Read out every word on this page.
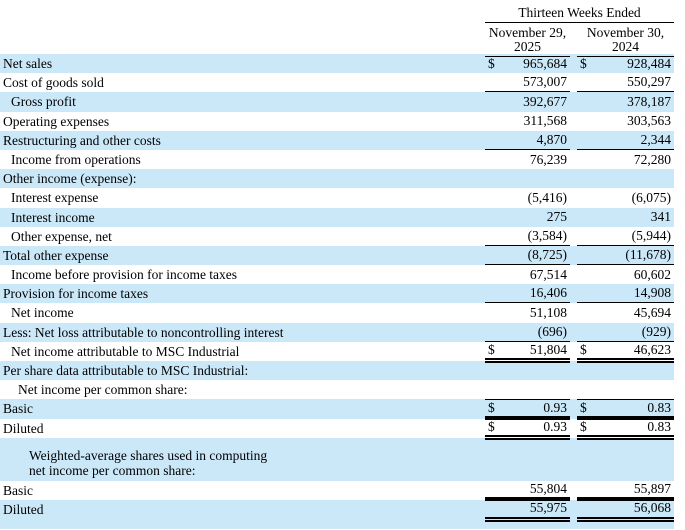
Thirteen Weeks Ended
November 29,
2025
November 30,
2024
Net sales	$ 965,684 $	928,484
Cost of goods sold	573,007	550,297
Gross profit	392,677	378,187
Operating expenses	311,568	303,563
Restructuring and other costs	4,870	2,344
Income from operations	76,239	72,280
Other income (expense):
Interest expense	(5,416)	(6,075)
Interest income	275	341
Other expense, net	(3,584)	(5,944)
Total other expense	(8,725)	(11,678)
Income before provision for income taxes	67,514	60,602
Provision for income taxes	16,406	14,908
Net income	51,108	45,694
Less: Net loss attributable to noncontrolling interest	(696)	(929)
Net income attributable to MSC Industrial	$	51,804 $	46,623
Per share data attributable to MSC Industrial:
Net income per common share:
Basic	$	0.93 $	0.83
Diluted	$	0.93 $	0.83
Weighted-average shares used in computing
net income per common share:
Basic	55,804	55,897
Diluted	55,975	56,068
